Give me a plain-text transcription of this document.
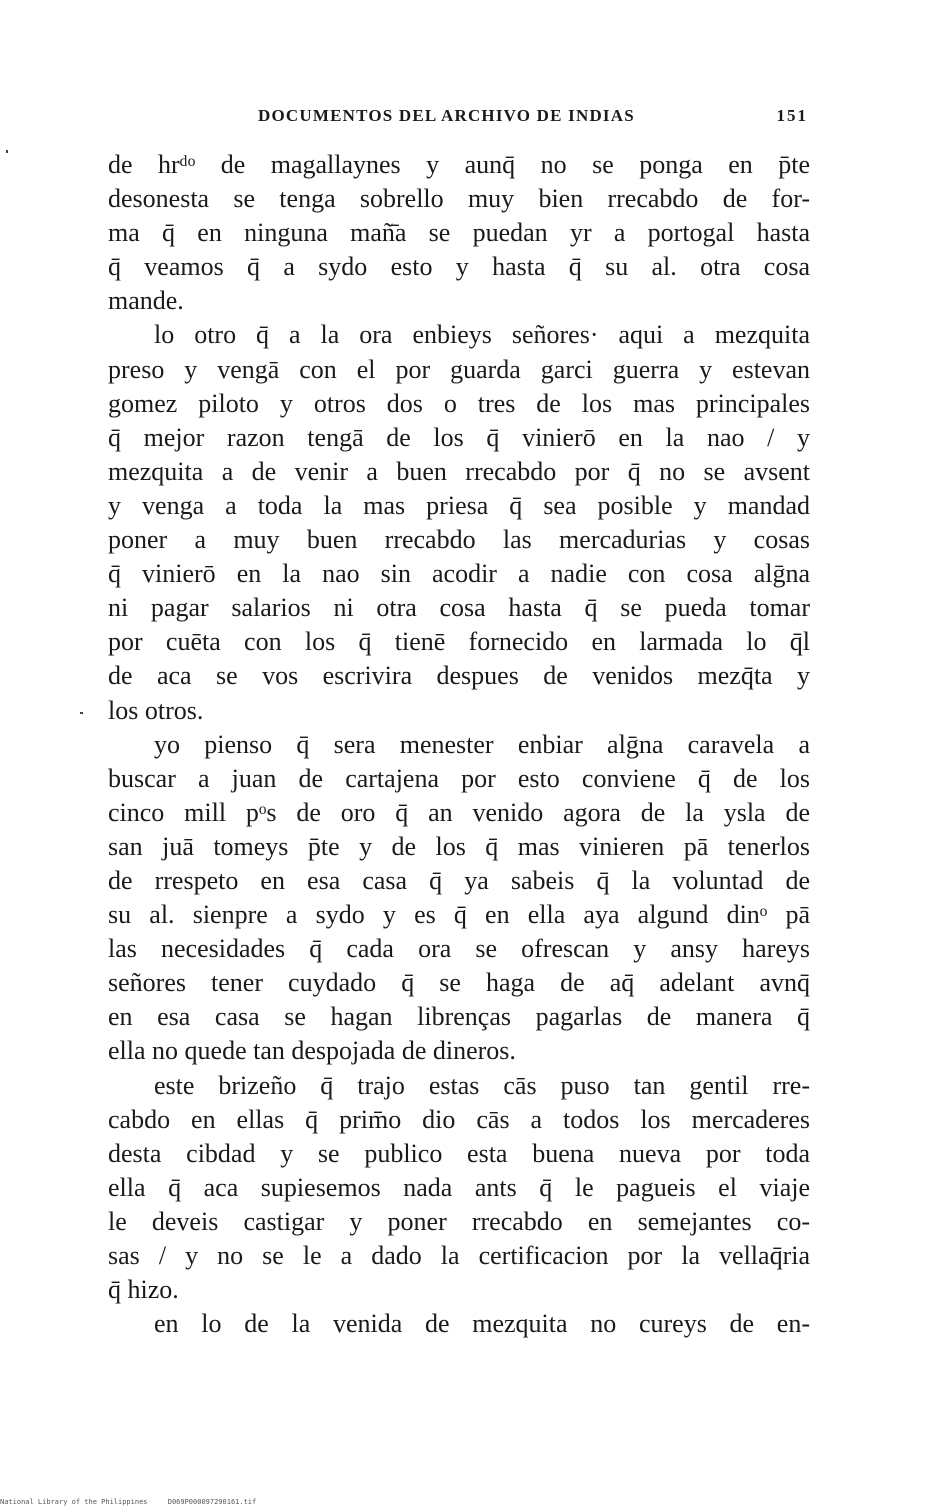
DOCUMENTOS DEL ARCHIVO DE INDIAS	151
de hrᵈᵒ de magallaynes y aunq̄ no se ponga en p̄te
desonesta se tenga sobrello muy bien rrecabdo de for-
ma q̄ en ninguna mañ̄a se puedan yr a portogal hasta
q̄ veamos q̄ a sydo esto y hasta q̄ su al. otra cosa
mande.
lo otro q̄ a la ora enbieys señores· aqui a mezquita
preso y vengā con el por guarda garci guerra y estevan
gomez piloto y otros dos o tres de los mas principales
q̄ mejor razon tengā de los q̄ vinierō en la nao / y
mezquita a de venir a buen rrecabdo por q̄ no se avsent
y venga a toda la mas priesa q̄ sea posible y mandad
poner a muy buen rrecabdo las mercadurias y cosas
q̄ vinierō en la nao sin acodir a nadie con cosa alḡna
ni pagar salarios ni otra cosa hasta q̄ se pueda tomar
por cuēta con los q̄ tienē fornecido en larmada lo q̄l
de aca se vos escrivira despues de venidos mezq̄ta y
los otros.
yo pienso q̄ sera menester enbiar alḡna caravela a
buscar a juan de cartajena por esto conviene q̄ de los
cinco mill pᵒs de oro q̄ an venido agora de la ysla de
san juā tomeys p̄te y de los q̄ mas vinieren pā tenerlos
de rrespeto en esa casa q̄ ya sabeis q̄ la voluntad de
su al. sienpre a sydo y es q̄ en ella aya algund dinᵒ pā
las necesidades q̄ cada ora se ofrescan y ansy hareys
señores tener cuydado q̄ se haga de aq̄ adelant avnq̄
en esa casa se hagan librenças pagarlas de manera q̄
ella no quede tan despojada de dineros.
este brizeño q̄ trajo estas cās puso tan gentil rre-
cabdo en ellas q̄ prim̄o dio cās a todos los mercaderes
desta cibdad y se publico esta buena nueva por toda
ella q̄ aca supiesemos nada ants q̄ le pagueis el viaje
le deveis castigar y poner rrecabdo en semejantes co-
sas / y no se le a dado la certificacion por la vellaq̄ria
q̄ hizo.
en lo de la venida de mezquita no cureys de en-
National Library of the Philippines	D069P000097290161.tif
